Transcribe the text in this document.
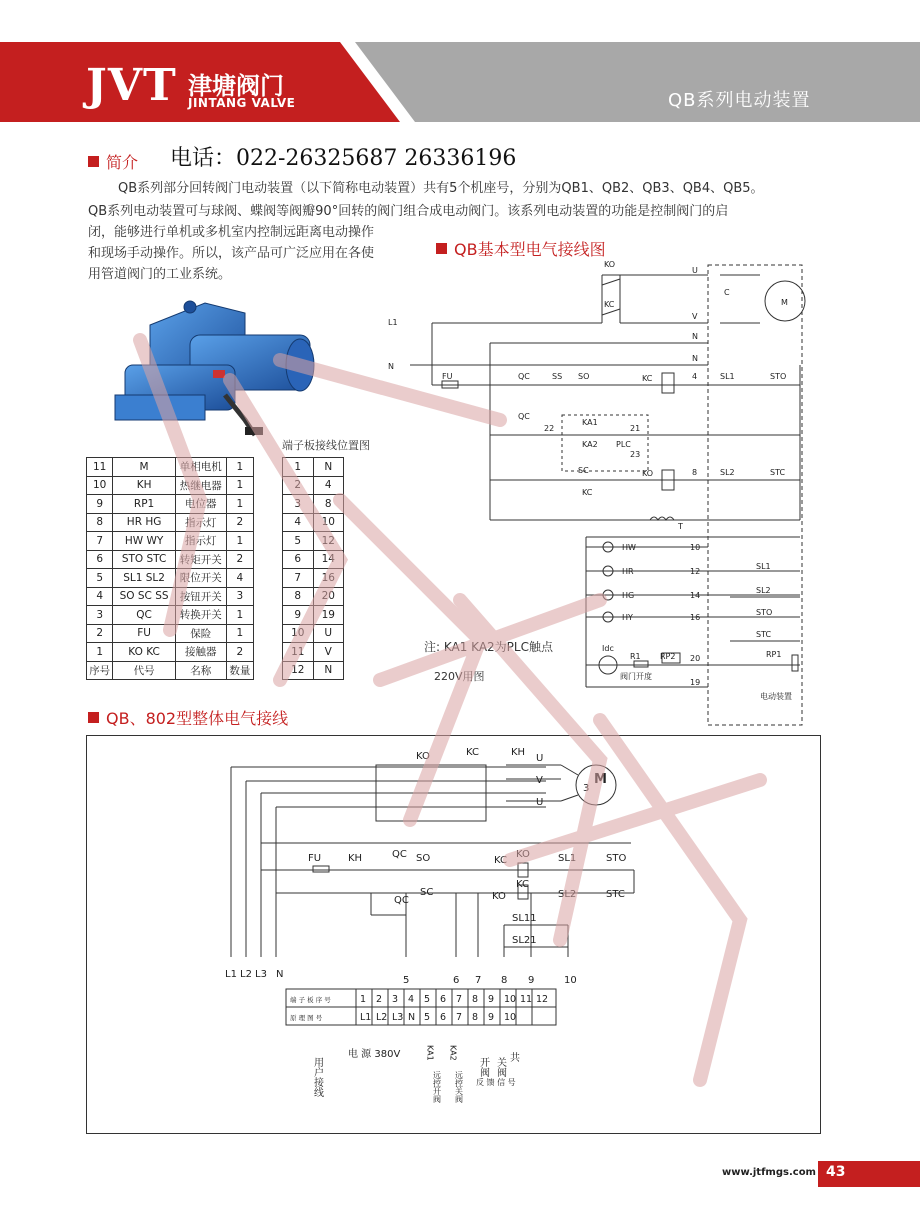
JVT 津塘阀门
JINTANG VALVE	QB系列电动装置
简介 电话：022-26325687 26336196
QB系列部分回转阀门电动装置（以下简称电动装置）共有5个机座号，分别为QB1、QB2、QB3、QB4、QB5。
QB系列电动装置可与球阀、蝶阀等阀瓣90°回转的阀门组合成电动阀门。该系列电动装置的功能是控制阀门的启
闭，能够进行单机或多机室内控制远距离电动操作
和现场手动操作。所以，该产品可广泛应用在各使
用管道阀门的工业系统。
QB基本型电气接线图
11	M	单相电机	1
10	KH	热继电器	1
9	RP1	电位器	1
8	HR HG	指示灯	2
7	HW WY	指示灯	1
6	STO STC	转矩开关	2
5	SL1 SL2	限位开关	4
4	SO SC SS	按钮开关	3
3	QC	转换开关	1
2	FU	保险	1
1	KO KC	接触器	2
序号	代号	名称	数量
端子板接线位置图
1	N
2	4
3	8
4	10
5	12
6	14
7	16
8	20
9	19
10	U
11	V
12	N
注: KA1 KA2为PLC触点
220V用图
KO
KC
U
V
N
N
C
M
L1
N
FU	QC	SS SO	KC	4	SL1	STO
QC
22
KA1
21
KA2 PLC
23
SC	KO	8	SL2	STC
KC
T
HW	10
HR	12
SL1
HG	14
SL2
HY	16
STO
STC
Idc
R1 RP2 20	RP1
阀门开度
19
电动装置
QB、802型整体电气接线
KO	KC	KH
U
V
U
M
3
FU	KH	QC SO	KC
KO	SL1	STO
SC	KO
KC
SL2	STC
QC
SL11
SL21
L1 L2 L3 N
5	6 7 8 9	10
端 子 板 序 号
原 理 图 号
1 2 3 4 5 6 7 8 9 10 11 12
L1 L2 L3 N 5 6 7 8 9 10
用户接线
电 源 380V	KA1 KA2
远控开阀 远控关阀
开阀 关阀 共
反 馈 信 号
www.jtfmgs.com 43
